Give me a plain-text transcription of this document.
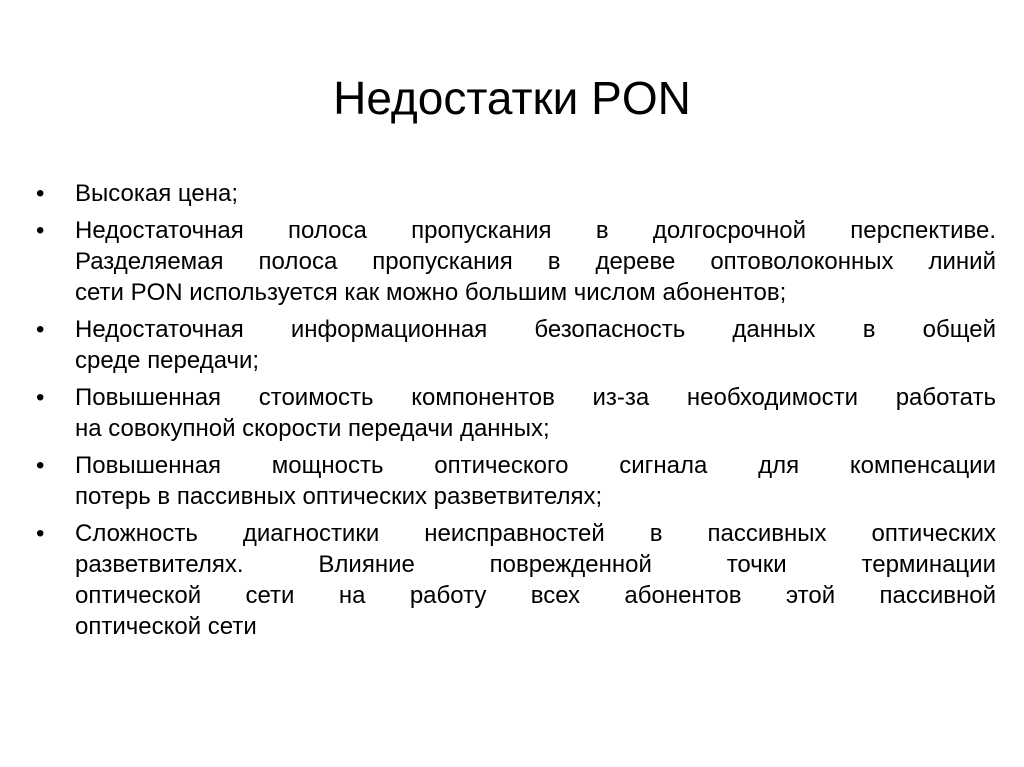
Недостатки PON
• Высокая цена;
• Недостаточная полоса пропускания в долгосрочной перспективе.
Разделяемая полоса пропускания в дереве оптоволоконных линий
сети PON используется как можно большим числом абонентов;
• Недостаточная информационная безопасность данных в общей
среде передачи;
• Повышенная стоимость компонентов из-за необходимости работать
на совокупной скорости передачи данных;
• Повышенная мощность оптического сигнала для компенсации
потерь в пассивных оптических разветвителях;
• Сложность диагностики неисправностей в пассивных оптических
разветвителях. Влияние поврежденной точки терминации
оптической сети на работу всех абонентов этой пассивной
оптической сети
